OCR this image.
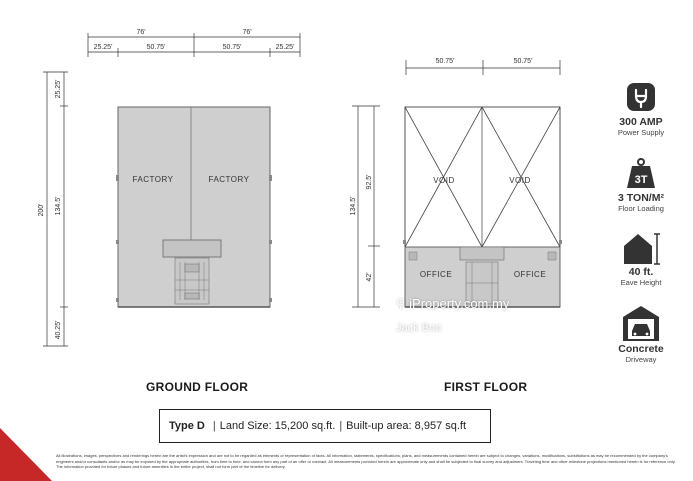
76'	76'
25.25'	50.75'	50.75'	25.25'
200'
25.25'
134.5'
40.25'
FACTORY	FACTORY
50.75'	50.75'
134.5'
92.5'
42'
VOID	VOID
OFFICE	OFFICE
GROUND FLOOR	FIRST FLOOR
⚲ iProperty.com.my
Jack Boo
300 AMP
Power Supply
3T
3 TON/M²
Floor Loading
40 ft.
Eave Height
Concrete
Driveway
Type D | Land Size: 15,200 sq.ft. | Built-up area: 8,957 sq.ft
All illustrations, images, perspectives and renderings herein are the artist's impression and are not to be regarded as elements or representation of facts. All information, statements, specifications, plans, and measurements contained herein are subject to changes, variations, modifications, substitutions as may be recommended by the company's engineers and/or consultants and/or as may be imposed by the appropriate authorities, from time to time, and cannot form any part of an offer or contract. All measurements provided herein are approximate only and shall be subjected to final survey and adjustment. Traveling time and other milestone projections mentioned herein is for reference only. The information provided for future phases and future amenities in the entire project, shall not form part of the timeline for delivery.
